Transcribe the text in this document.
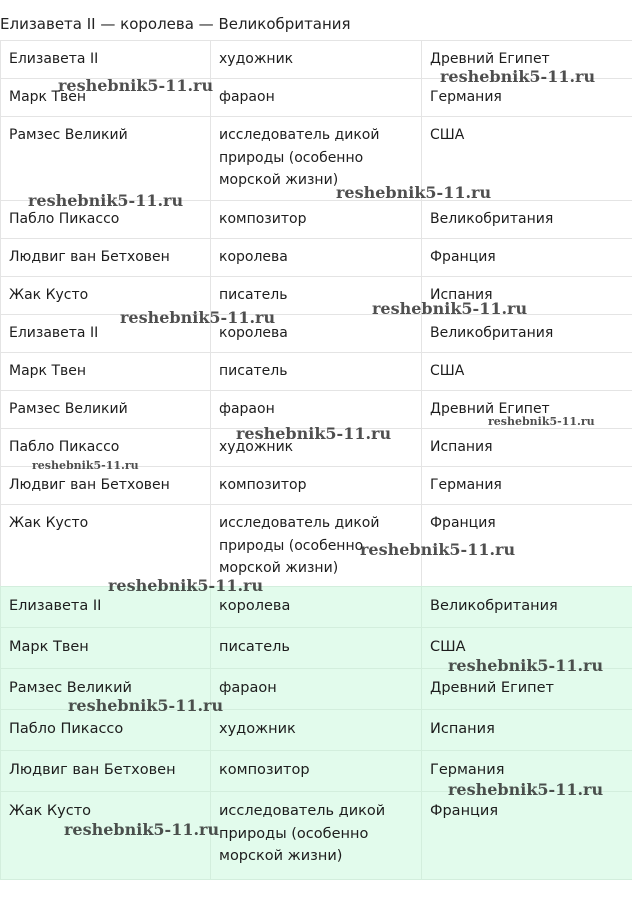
Елизавета II — королева — Великобритания
Елизавета II	художник	Древний Египет
Марк Твен	фараон	Германия
Рамзес Великий	исследователь дикой природы (особенно морской жизни)	США
Пабло Пикассо	композитор	Великобритания
Людвиг ван Бетховен	королева	Франция
Жак Кусто	писатель	Испания
Елизавета II	королева	Великобритания
Марк Твен	писатель	США
Рамзес Великий	фараон	Древний Египет
Пабло Пикассо	художник	Испания
Людвиг ван Бетховен	композитор	Германия
Жак Кусто	исследователь дикой природы (особенно морской жизни)	Франция
Елизавета II	королева	Великобритания
Марк Твен	писатель	США
Рамзес Великий	фараон	Древний Египет
Пабло Пикассо	художник	Испания
Людвиг ван Бетховен	композитор	Германия
Жак Кусто	исследователь дикой природы (особенно морской жизни)	Франция
reshebnik5-11.ru	reshebnik5-11.ru
reshebnik5-11.ru	reshebnik5-11.ru
reshebnik5-11.ru	reshebnik5-11.ru
reshebnik5-11.ru
reshebnik5-11.ru
reshebnik5-11.ru
reshebnik5-11.ru
reshebnik5-11.ru
reshebnik5-11.ru
reshebnik5-11.ru
reshebnik5-11.ru
reshebnik5-11.ru
